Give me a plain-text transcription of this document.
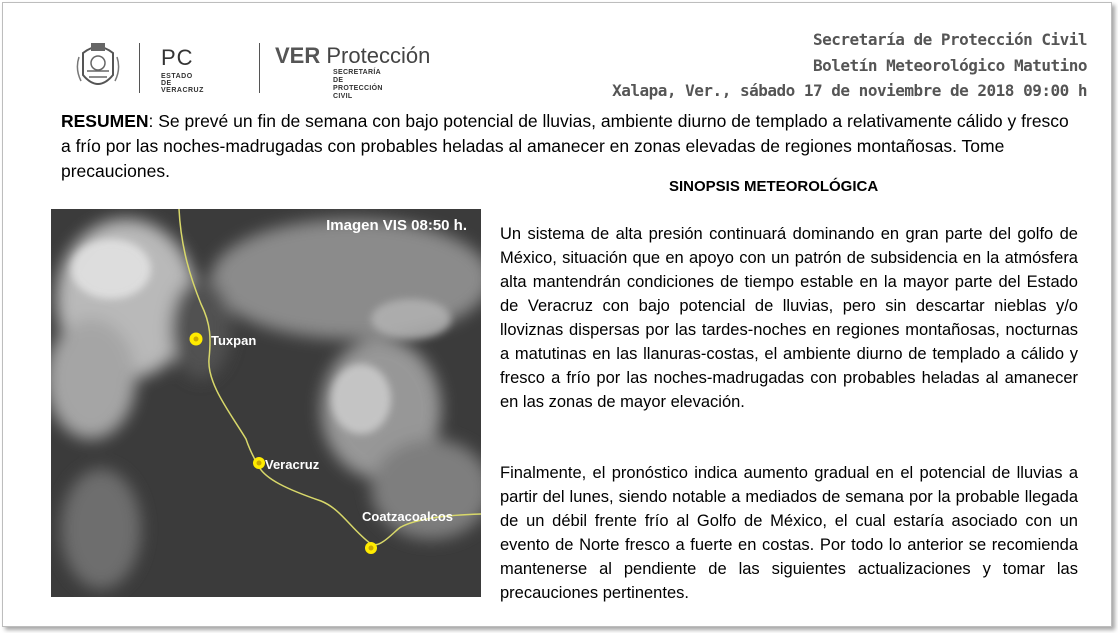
PC
ESTADO DE VERACRUZ
VER Protección
SECRETARÍA DE
PROTECCIÓN CIVIL
Secretaría de Protección Civil
Boletín Meteorológico Matutino
Xalapa, Ver., sábado 17 de noviembre de 2018 09:00 h
RESUMEN: Se prevé un fin de semana con bajo potencial de lluvias, ambiente diurno de templado a relativamente cálido y fresco a frío por las noches-madrugadas con probables heladas al amanecer en zonas elevadas de regiones montañosas. Tome precauciones.
SINOPSIS METEOROLÓGICA
Imagen VIS 08:50 h.
Tuxpan
Veracruz
Coatzacoalcos
Un sistema de alta presión continuará dominando en gran parte del golfo de México, situación que en apoyo con un patrón de subsidencia en la atmósfera alta mantendrán condiciones de tiempo estable en la mayor parte del Estado de Veracruz con bajo potencial de lluvias, pero sin descartar nieblas y/o lloviznas dispersas por las tardes-noches en regiones montañosas, nocturnas a matutinas en las llanuras-costas, el ambiente diurno de templado a cálido y fresco a frío por las noches-madrugadas con probables heladas al amanecer en las zonas de mayor elevación.
Finalmente, el pronóstico indica aumento gradual en el potencial de lluvias a partir del lunes, siendo notable a mediados de semana por la probable llegada de un débil frente frío al Golfo de México, el cual estaría asociado con un evento de Norte fresco a fuerte en costas. Por todo lo anterior se recomienda mantenerse al pendiente de las siguientes actualizaciones y tomar las precauciones pertinentes.
